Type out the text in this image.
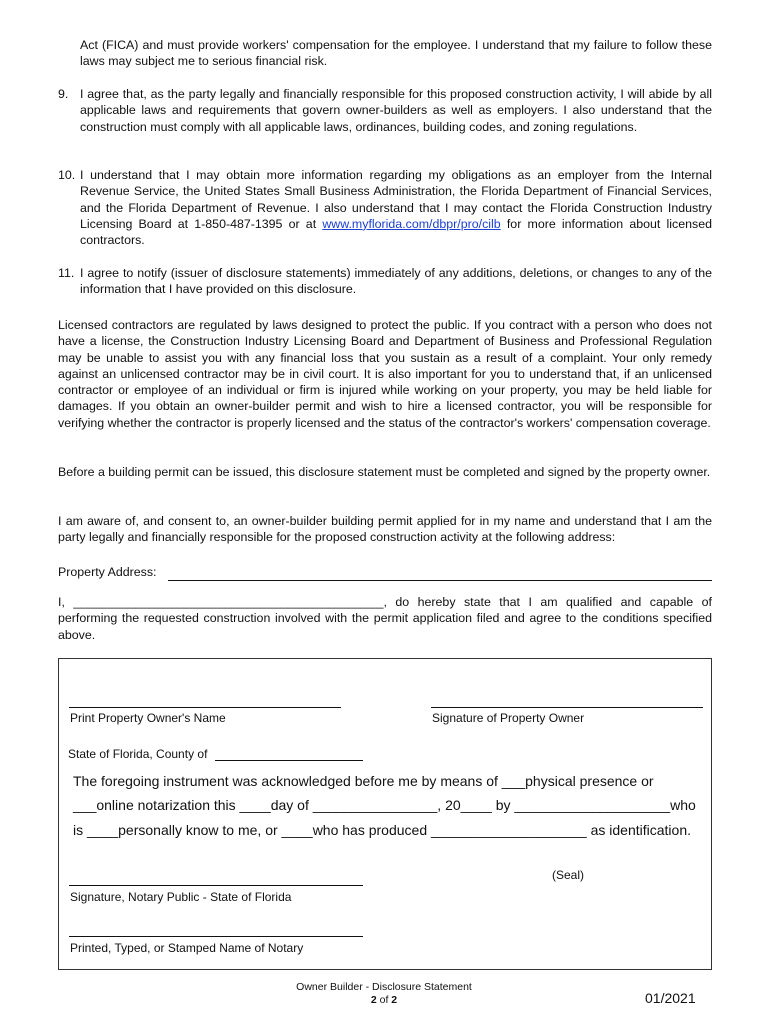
Act (FICA) and must provide workers' compensation for the employee. I understand that my failure to follow these laws may subject me to serious financial risk.
9. I agree that, as the party legally and financially responsible for this proposed construction activity, I will abide by all applicable laws and requirements that govern owner-builders as well as employers. I also understand that the construction must comply with all applicable laws, ordinances, building codes, and zoning regulations.
10. I understand that I may obtain more information regarding my obligations as an employer from the Internal Revenue Service, the United States Small Business Administration, the Florida Department of Financial Services, and the Florida Department of Revenue. I also understand that I may contact the Florida Construction Industry Licensing Board at 1-850-487-1395 or at www.myflorida.com/dbpr/pro/cilb for more information about licensed contractors.
11. I agree to notify (issuer of disclosure statements) immediately of any additions, deletions, or changes to any of the information that I have provided on this disclosure.

Licensed contractors are regulated by laws designed to protect the public. If you contract with a person who does not have a license, the Construction Industry Licensing Board and Department of Business and Professional Regulation may be unable to assist you with any financial loss that you sustain as a result of a complaint. Your only remedy against an unlicensed contractor may be in civil court. It is also important for you to understand that, if an unlicensed contractor or employee of an individual or firm is injured while working on your property, you may be held liable for damages. If you obtain an owner-builder permit and wish to hire a licensed contractor, you will be responsible for verifying whether the contractor is properly licensed and the status of the contractor's workers' compensation coverage.

Before a building permit can be issued, this disclosure statement must be completed and signed by the property owner.

I am aware of, and consent to, an owner-builder building permit applied for in my name and understand that I am the party legally and financially responsible for the proposed construction activity at the following address:

Property Address:

I, _____________________________________________, do hereby state that I am qualified and capable of performing the requested construction involved with the permit application filed and agree to the conditions specified above.

Print Property Owner's Name	Signature of Property Owner
State of Florida, County of
The foregoing instrument was acknowledged before me by means of ___physical presence or
___online notarization this ____day of ________________, 20____ by ____________________who
is ____personally know to me, or ____who has produced ____________________ as identification.
(Seal)
Signature, Notary Public - State of Florida
Printed, Typed, or Stamped Name of Notary
Owner Builder - Disclosure Statement
2 of 2	01/2021
